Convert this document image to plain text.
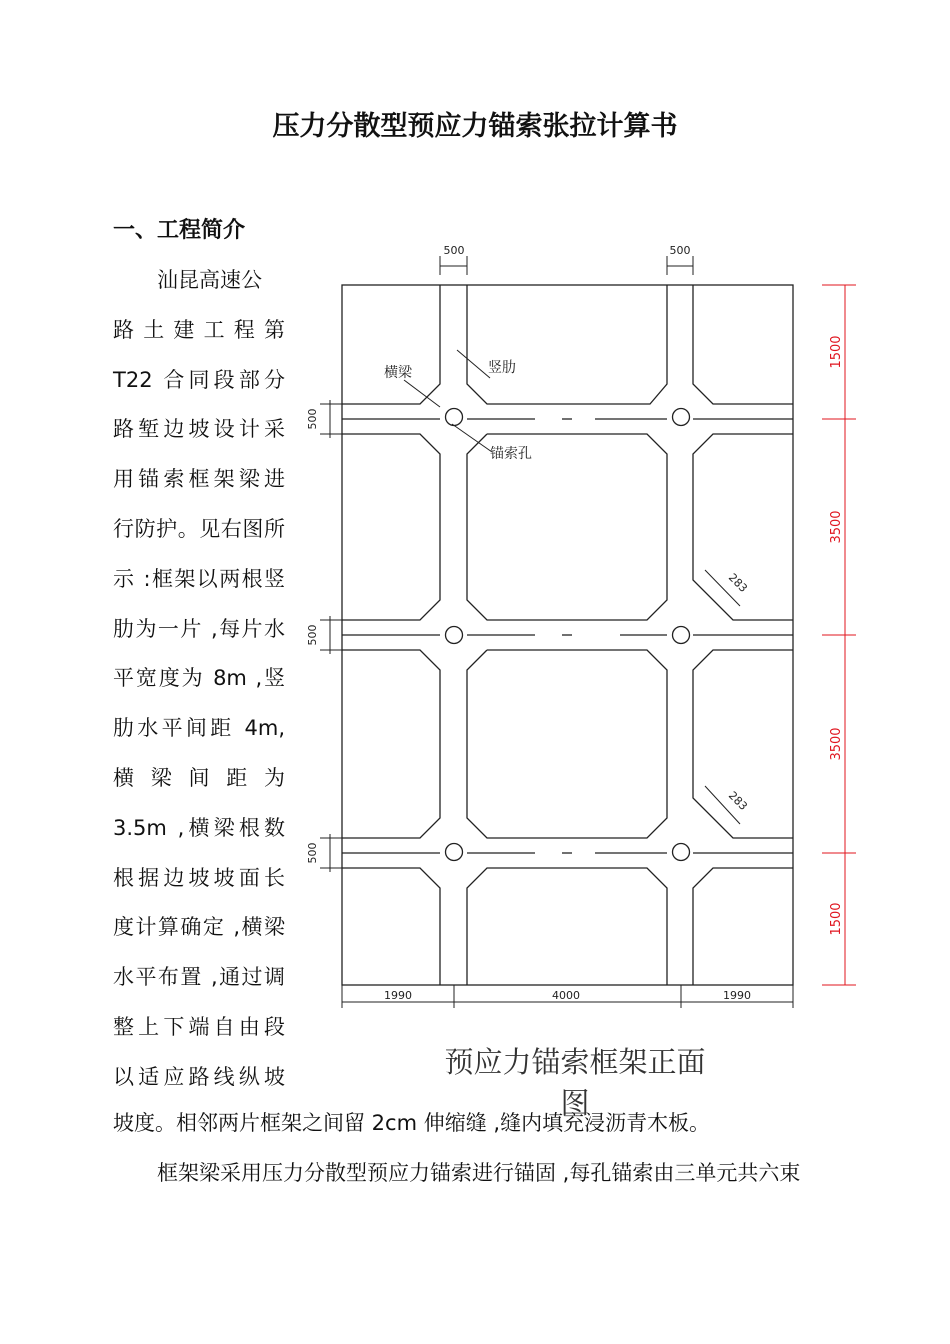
压力分散型预应力锚索张拉计算书
一、工程简介
汕昆高速公
路土建工程第
T22 合同段部分
路堑边坡设计采
用锚索框架梁进
行防护。见右图所
示 :框架以两根竖
肋为一片 ,每片水
平宽度为 8m ,竖
肋水平间距 4m,
横 梁 间 距 为
3.5m ,横梁根数
根据边坡坡面长
度计算确定 ,横梁
水平布置 ,通过调
整上下端自由段
以适应路线纵坡
坡度。相邻两片框架之间留 2cm 伸缩缝 ,缝内填充浸沥青木板。
框架梁采用压力分散型预应力锚索进行锚固 ,每孔锚索由三单元共六束
横梁	竖肋
锚索孔
500	500
500
500
500
283
283
1990	4000	1990
1500
3500
3500
1500
预应力锚索框架正面图
